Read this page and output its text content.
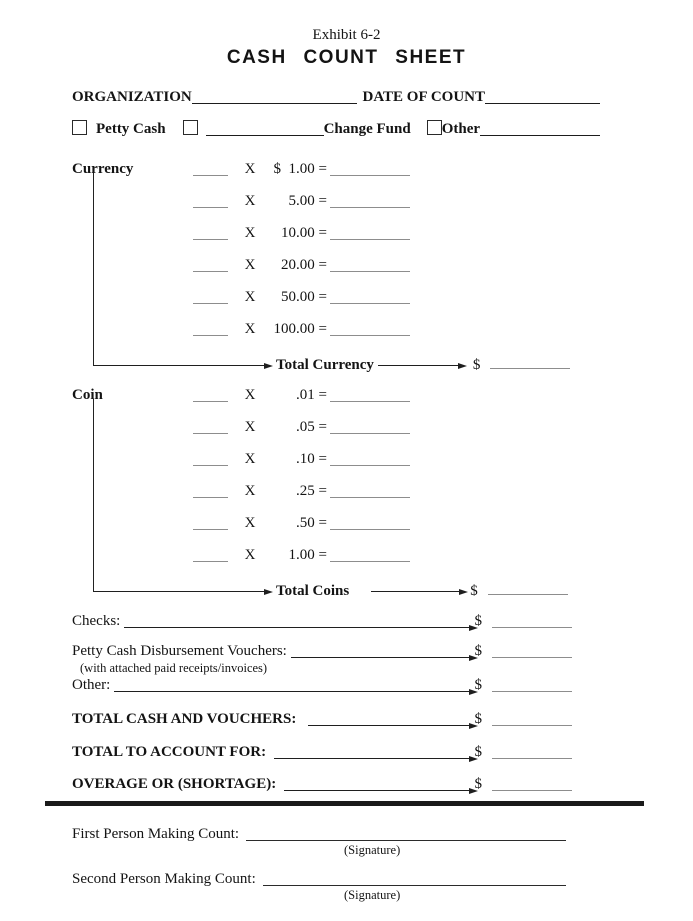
Exhibit 6-2
CASH COUNT SHEET
ORGANIZATION	DATE OF COUNT
Petty Cash	Change Fund Other
Currency	X	$  1.00 =
X	5.00 =
X	10.00 =
X	20.00 =
X	50.00 =
X	100.00 =
Total Currency	$
Coin	X	.01 =
X	.05 =
X	.10 =
X	.25 =
X	.50 =
X	1.00 =
Total Coins	$
Checks:	$
Petty Cash Disbursement Vouchers:	$
(with attached paid receipts/invoices)
Other:	$
TOTAL CASH AND VOUCHERS:	$
TOTAL TO ACCOUNT FOR:	$
OVERAGE OR (SHORTAGE):	$
First Person Making Count:
(Signature)
Second Person Making Count:
(Signature)
